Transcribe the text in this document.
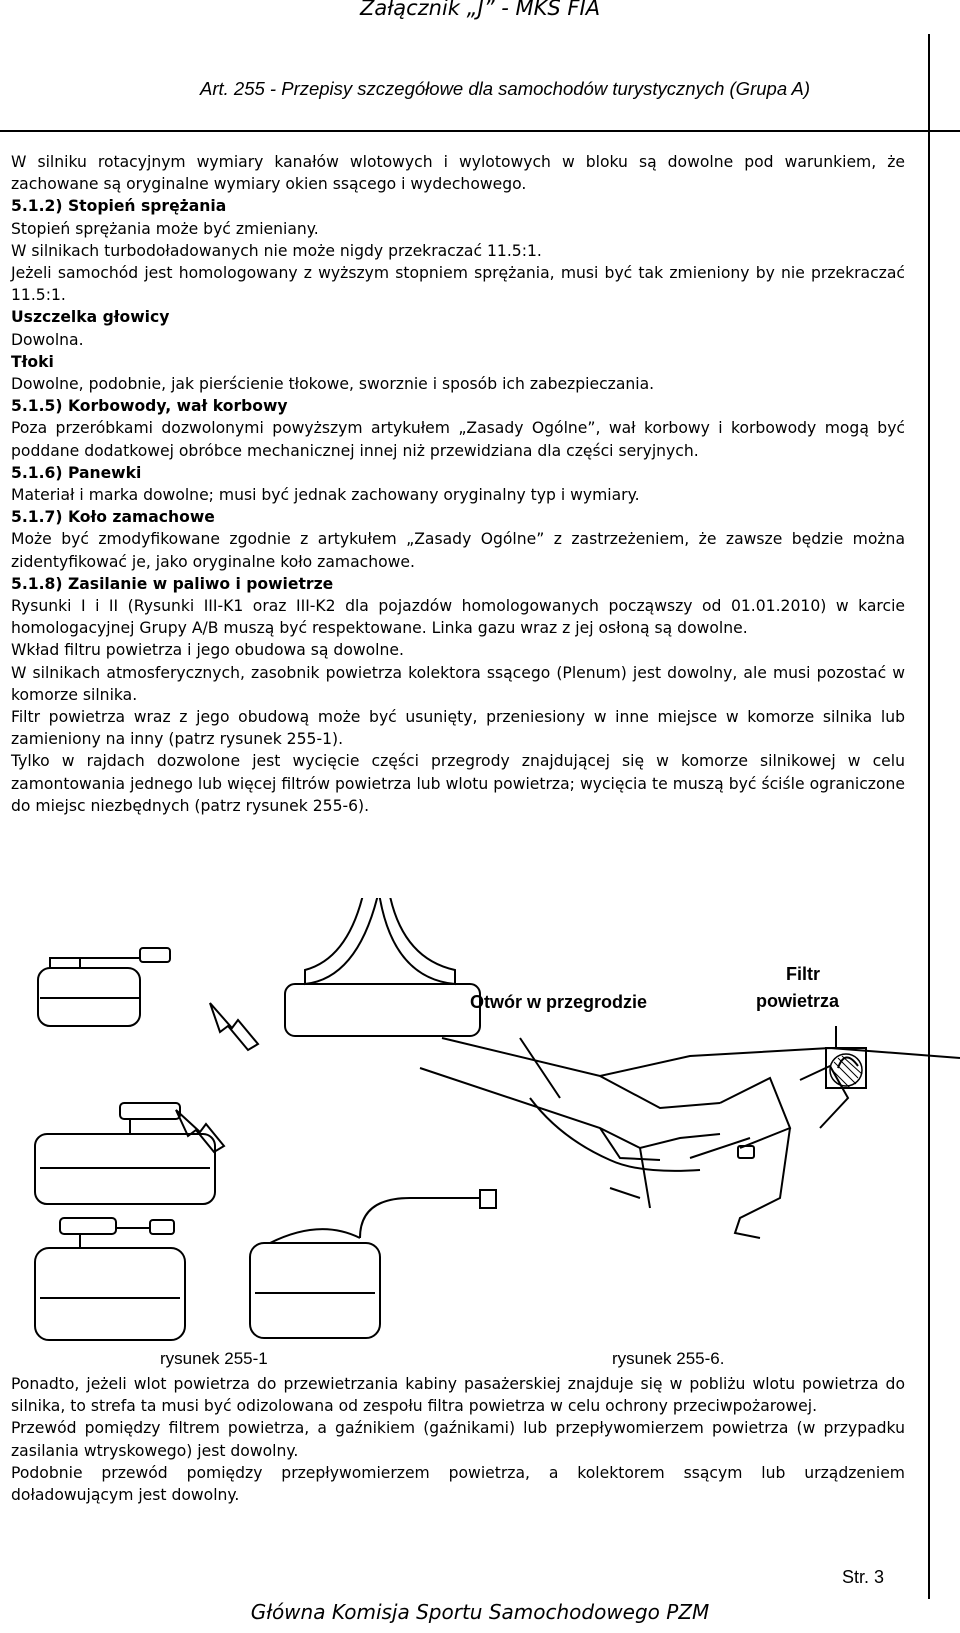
Załącznik „J” - MKS FIA
Art. 255 - Przepisy szczegółowe dla samochodów turystycznych (Grupa A)

W silniku rotacyjnym wymiary kanałów wlotowych i wylotowych w bloku są dowolne pod warunkiem, że zachowane są oryginalne wymiary okien ssącego i wydechowego.

5.1.2) Stopień sprężania

Stopień sprężania może być zmieniany.

W silnikach turbodoładowanych nie może nigdy przekraczać 11.5:1.

Jeżeli samochód jest homologowany z wyższym stopniem sprężania, musi być tak zmieniony by nie przekraczać 11.5:1.

Uszczelka głowicy

Dowolna.

Tłoki

Dowolne, podobnie, jak pierścienie tłokowe, sworznie i sposób ich zabezpieczania.

5.1.5) Korbowody, wał korbowy

Poza przeróbkami dozwolonymi powyższym artykułem „Zasady Ogólne”, wał korbowy i korbowody mogą być poddane dodatkowej obróbce mechanicznej innej niż przewidziana dla części seryjnych.

5.1.6) Panewki

Materiał i marka dowolne; musi być jednak zachowany oryginalny typ i wymiary.

5.1.7) Koło zamachowe

Może być zmodyfikowane zgodnie z artykułem „Zasady Ogólne” z zastrzeżeniem, że zawsze będzie można zidentyfikować je, jako oryginalne koło zamachowe.

5.1.8) Zasilanie w paliwo i powietrze

Rysunki I i II (Rysunki III-K1 oraz III-K2 dla pojazdów homologowanych począwszy od 01.01.2010) w karcie homologacyjnej Grupy A/B muszą być respektowane. Linka gazu wraz z jej osłoną są dowolne.

Wkład filtru powietrza i jego obudowa są dowolne.

W silnikach atmosferycznych, zasobnik powietrza kolektora ssącego (Plenum) jest dowolny, ale musi pozostać w komorze silnika.

Filtr powietrza wraz z jego obudową może być usunięty, przeniesiony w inne miejsce w komorze silnika lub zamieniony na inny (patrz rysunek 255-1).

Tylko w rajdach dozwolone jest wycięcie części przegrody znajdującej się w komorze silnikowej w celu zamontowania jednego lub więcej filtrów powietrza lub wlotu powietrza; wycięcia te muszą być ściśle ograniczone do miejsc niezbędnych (patrz rysunek 255-6).

Otwór w przegrodzie
Filtr
powietrza
rysunek 255-1	rysunek 255-6.

Ponadto, jeżeli wlot powietrza do przewietrzania kabiny pasażerskiej znajduje się w pobliżu wlotu powietrza do silnika, to strefa ta musi być odizolowana od zespołu filtra powietrza w celu ochrony przeciwpożarowej.

Przewód pomiędzy filtrem powietrza, a gaźnikiem (gaźnikami) lub przepływomierzem powietrza (w przypadku zasilania wtryskowego) jest dowolny.

Podobnie przewód pomiędzy przepływomierzem powietrza, a kolektorem ssącym lub urządzeniem doładowującym jest dowolny.

Str. 3
Główna Komisja Sportu Samochodowego PZM
